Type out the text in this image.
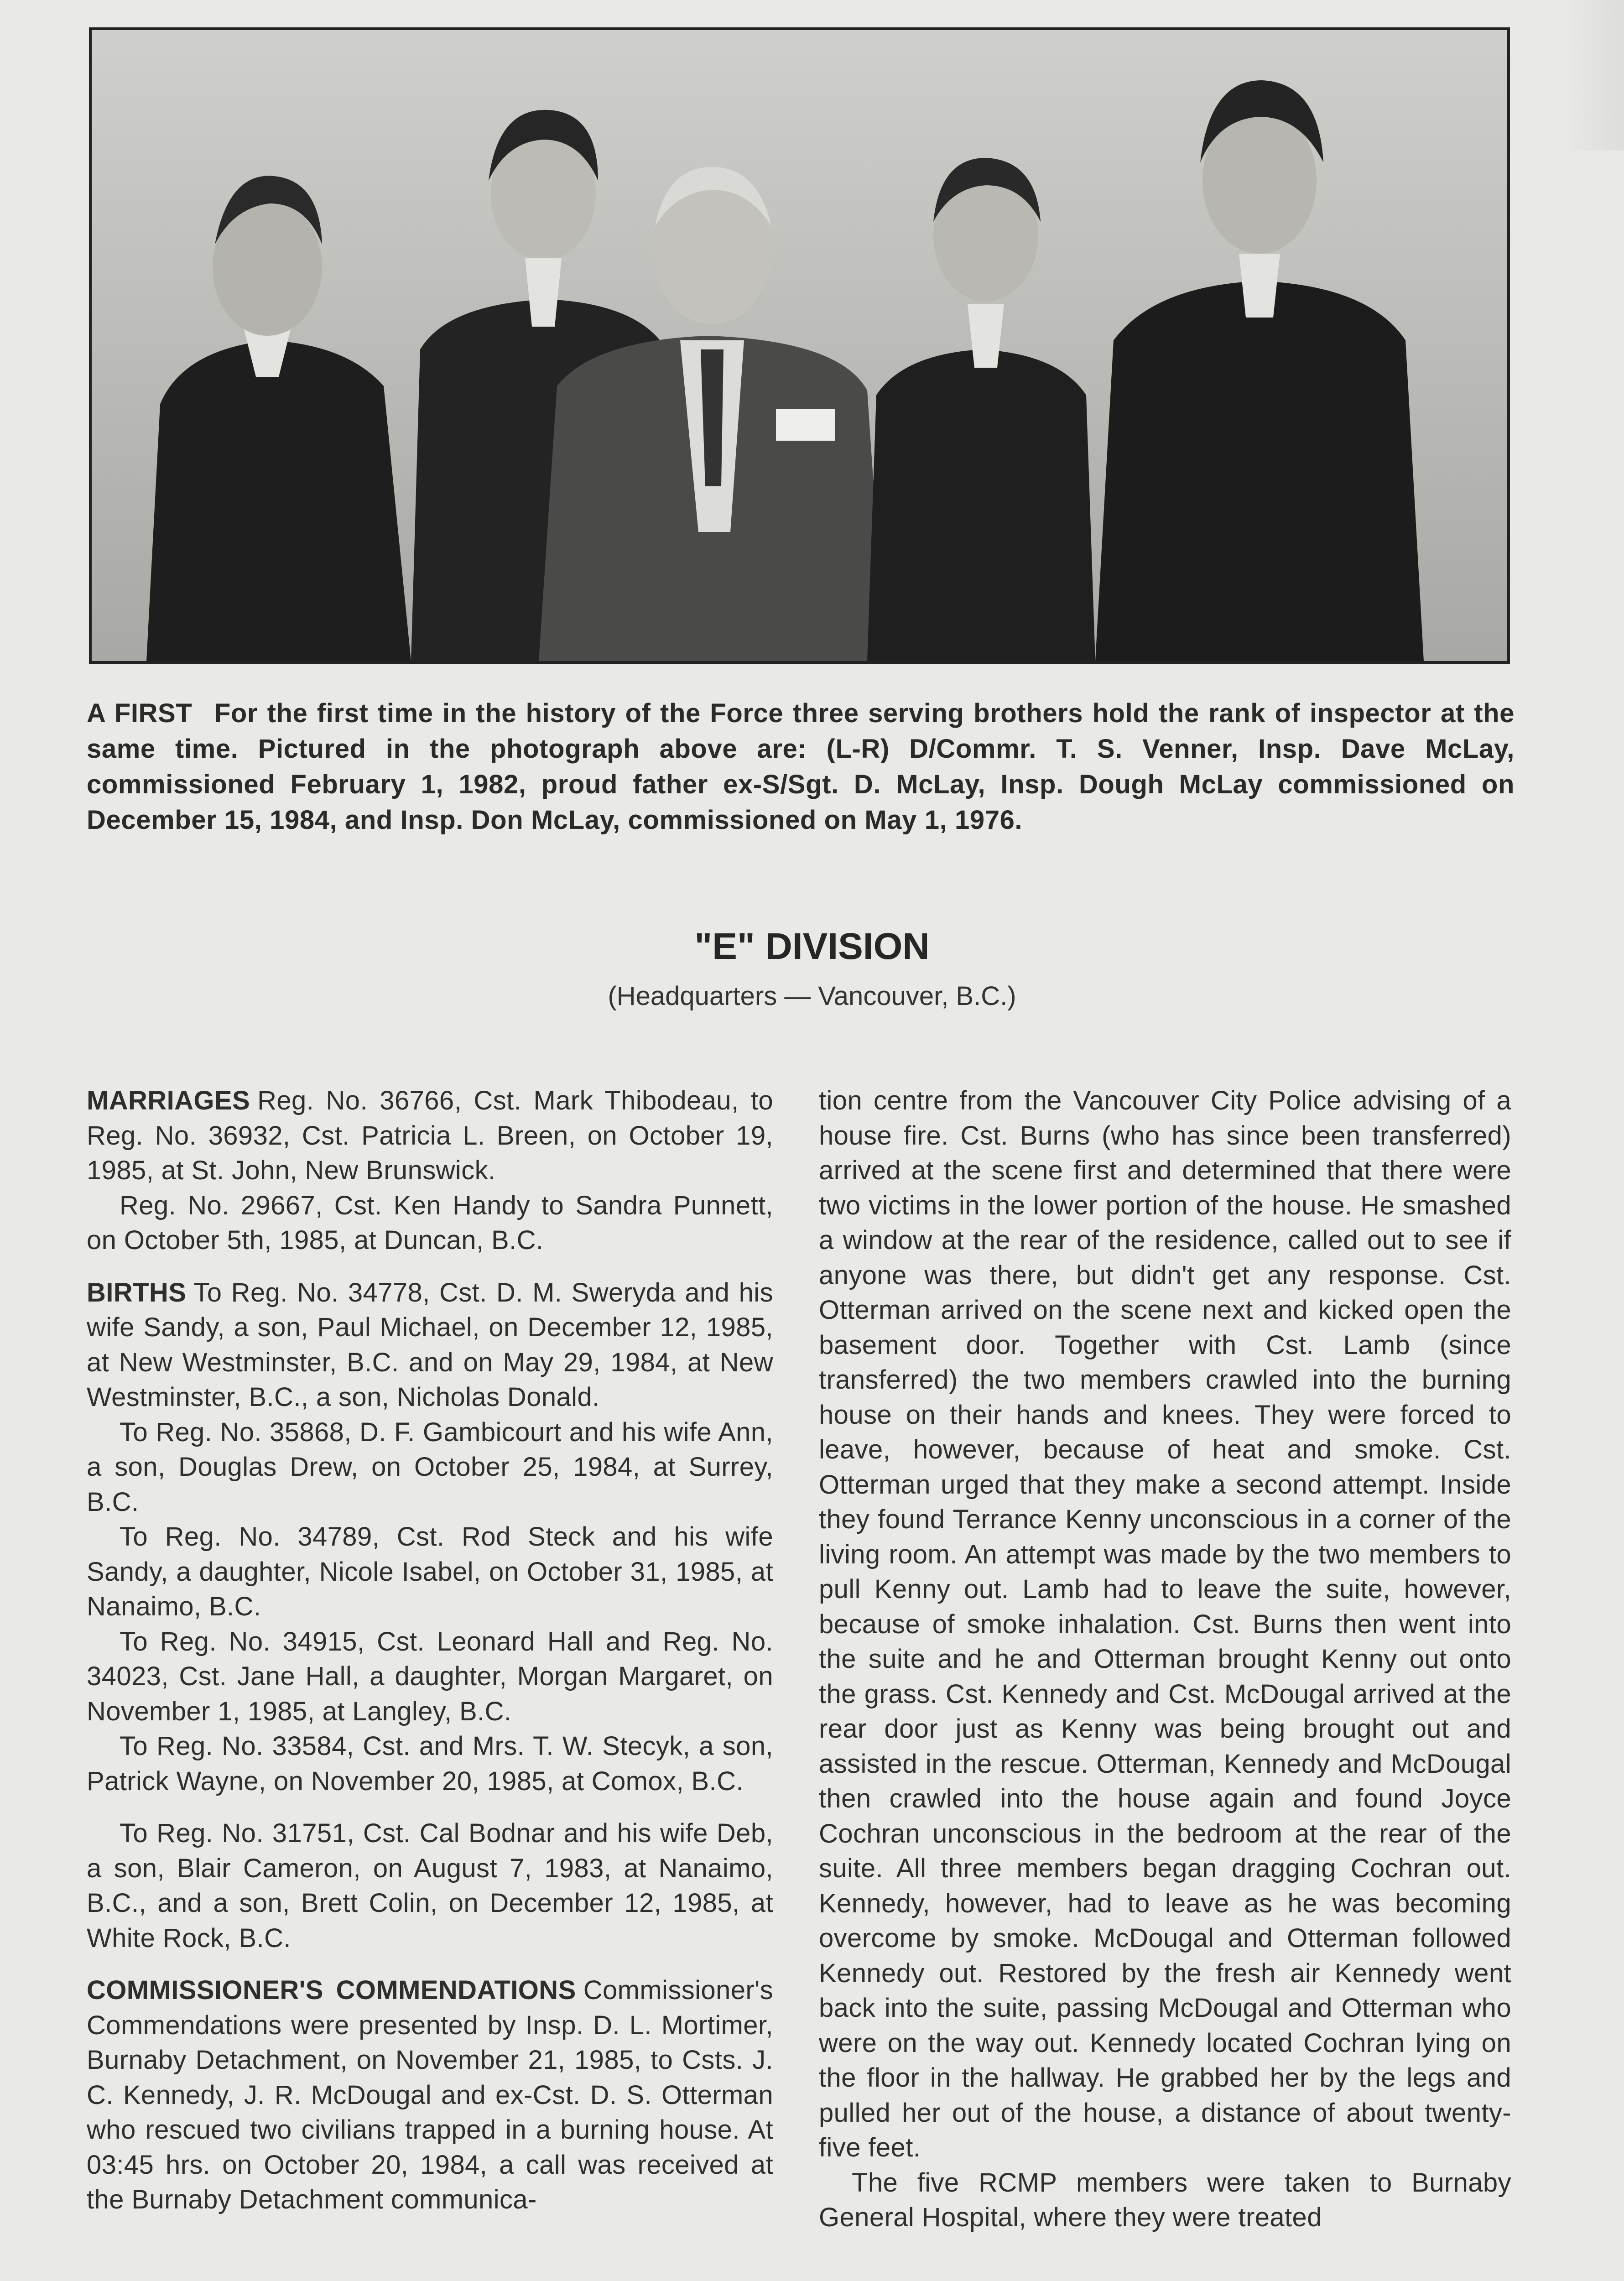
A FIRST For the first time in the history of the Force three serving brothers hold the rank of inspector at the same time. Pictured in the photograph above are: (L-R) D/Commr. T. S. Venner, Insp. Dave McLay, commissioned February 1, 1982, proud father ex-S/Sgt. D. McLay, Insp. Dough McLay commissioned on December 15, 1984, and Insp. Don McLay, commissioned on May 1, 1976.
"E" DIVISION
(Headquarters — Vancouver, B.C.)

MARRIAGES Reg. No. 36766, Cst. Mark Thibodeau, to Reg. No. 36932, Cst. Patricia L. Breen, on October 19, 1985, at St. John, New Brunswick.

Reg. No. 29667, Cst. Ken Handy to Sandra Punnett, on October 5th, 1985, at Duncan, B.C.

BIRTHS To Reg. No. 34778, Cst. D. M. Sweryda and his wife Sandy, a son, Paul Michael, on December 12, 1985, at New Westminster, B.C. and on May 29, 1984, at New Westminster, B.C., a son, Nicholas Donald.

To Reg. No. 35868, D. F. Gambicourt and his wife Ann, a son, Douglas Drew, on October 25, 1984, at Surrey, B.C.

To Reg. No. 34789, Cst. Rod Steck and his wife Sandy, a daughter, Nicole Isabel, on October 31, 1985, at Nanaimo, B.C.

To Reg. No. 34915, Cst. Leonard Hall and Reg. No. 34023, Cst. Jane Hall, a daughter, Morgan Margaret, on November 1, 1985, at Langley, B.C.

To Reg. No. 33584, Cst. and Mrs. T. W. Stecyk, a son, Patrick Wayne, on November 20, 1985, at Comox, B.C.

To Reg. No. 31751, Cst. Cal Bodnar and his wife Deb, a son, Blair Cameron, on August 7, 1983, at Nanaimo, B.C., and a son, Brett Colin, on December 12, 1985, at White Rock, B.C.

COMMISSIONER'S COMMENDATIONS Commissioner's Commendations were presented by Insp. D. L. Mortimer, Burnaby Detachment, on November 21, 1985, to Csts. J. C. Kennedy, J. R. McDougal and ex-Cst. D. S. Otterman who rescued two civilians trapped in a burning house. At 03:45 hrs. on October 20, 1984, a call was received at the Burnaby Detachment communica-

tion centre from the Vancouver City Police advising of a house fire. Cst. Burns (who has since been transferred) arrived at the scene first and determined that there were two victims in the lower portion of the house. He smashed a window at the rear of the residence, called out to see if anyone was there, but didn't get any response. Cst. Otterman arrived on the scene next and kicked open the basement door. Together with Cst. Lamb (since transferred) the two members crawled into the burning house on their hands and knees. They were forced to leave, however, because of heat and smoke. Cst. Otterman urged that they make a second attempt. Inside they found Terrance Kenny unconscious in a corner of the living room. An attempt was made by the two members to pull Kenny out. Lamb had to leave the suite, however, because of smoke inhalation. Cst. Burns then went into the suite and he and Otterman brought Kenny out onto the grass. Cst. Kennedy and Cst. McDougal arrived at the rear door just as Kenny was being brought out and assisted in the rescue. Otterman, Kennedy and McDougal then crawled into the house again and found Joyce Cochran unconscious in the bedroom at the rear of the suite. All three members began dragging Cochran out. Kennedy, however, had to leave as he was becoming overcome by smoke. McDougal and Otterman followed Kennedy out. Restored by the fresh air Kennedy went back into the suite, passing McDougal and Otterman who were on the way out. Kennedy located Cochran lying on the floor in the hallway. He grabbed her by the legs and pulled her out of the house, a distance of about twenty-five feet.

The five RCMP members were taken to Burnaby General Hospital, where they were treated
